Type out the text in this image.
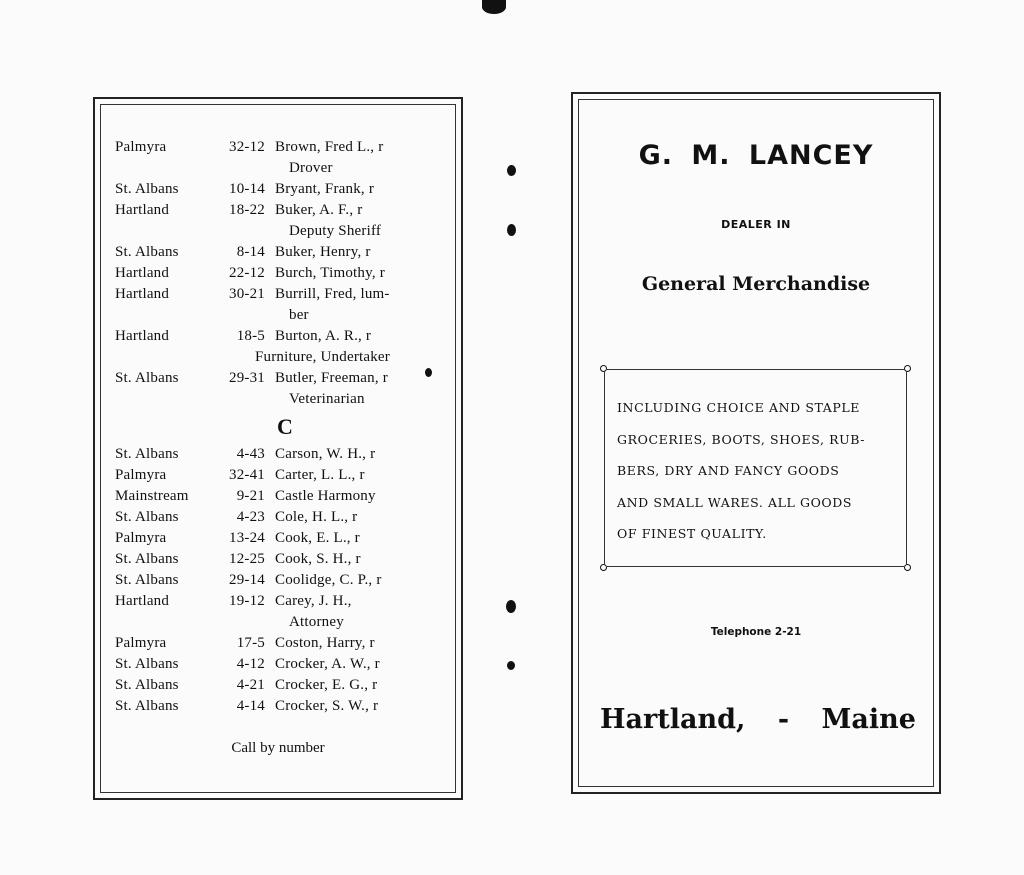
Palmyra	32-12 Brown, Fred L., r
Drover
St. Albans	10-14 Bryant, Frank, r
Hartland	18-22 Buker, A. F., r
Deputy Sheriff
St. Albans	8-14 Buker, Henry, r
Hartland	22-12 Burch, Timothy, r
Hartland	30-21 Burrill, Fred, lum-
ber
Hartland	18-5 Burton, A. R., r
Furniture, Undertaker
St. Albans	29-31 Butler, Freeman, r
Veterinarian
C
St. Albans	4-43 Carson, W. H., r
Palmyra	32-41 Carter, L. L., r
Mainstream	9-21 Castle Harmony
St. Albans	4-23 Cole, H. L., r
Palmyra	13-24 Cook, E. L., r
St. Albans	12-25 Cook, S. H., r
St. Albans	29-14 Coolidge, C. P., r
Hartland	19-12 Carey, J. H.,
Attorney
Palmyra	17-5 Coston, Harry, r
St. Albans	4-12 Crocker, A. W., r
St. Albans	4-21 Crocker, E. G., r
St. Albans	4-14 Crocker, S. W., r
Call by number
G. M. LANCEY
DEALER IN
General Merchandise
INCLUDING CHOICE AND STAPLE
GROCERIES, BOOTS, SHOES, RUB-
BERS, DRY AND FANCY GOODS
AND SMALL WARES. ALL GOODS
OF FINEST QUALITY.
Telephone 2-21
Hartland, - Maine
